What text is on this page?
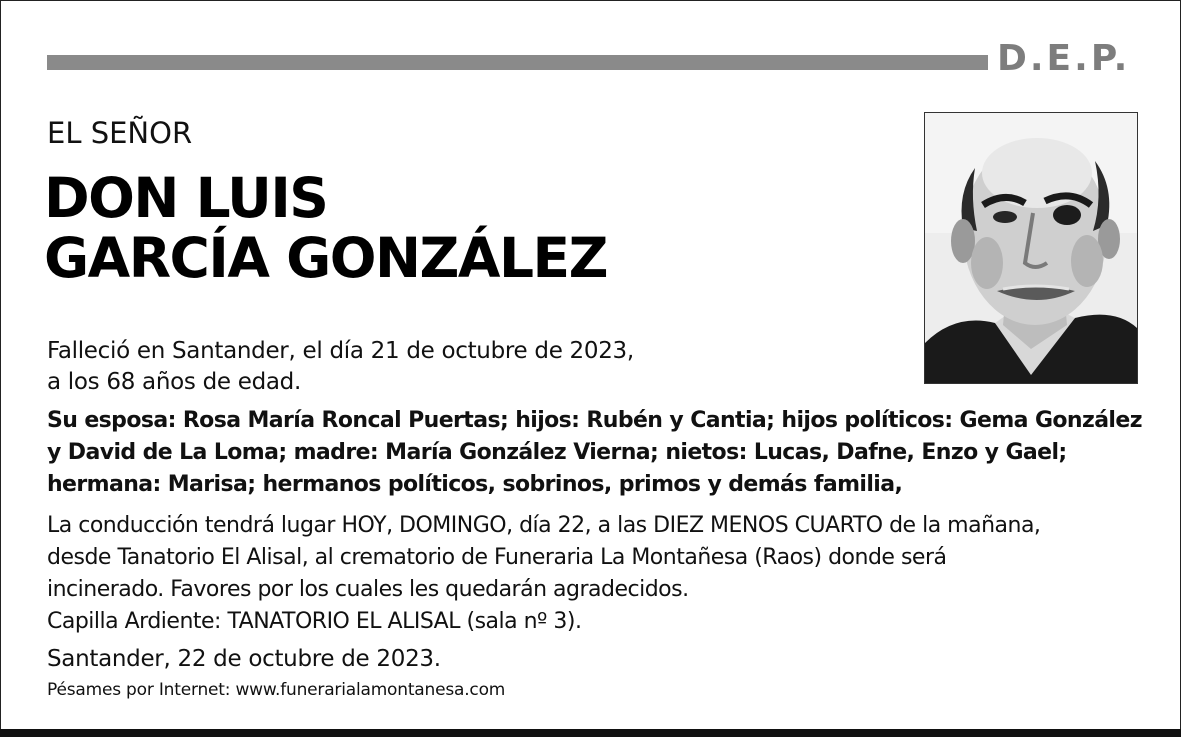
D.E.P.
EL SEÑOR
DON LUIS
GARCÍA GONZÁLEZ
Falleció en Santander, el día 21 de octubre de 2023,
a los 68 años de edad.
Su esposa: Rosa María Roncal Puertas; hijos: Rubén y Cantia; hijos políticos: Gema González
y David de La Loma; madre: María González Vierna; nietos: Lucas, Dafne, Enzo y Gael;
hermana: Marisa; hermanos políticos, sobrinos, primos y demás familia,
La conducción tendrá lugar HOY, DOMINGO, día 22, a las DIEZ MENOS CUARTO de la mañana,
desde Tanatorio El Alisal, al crematorio de Funeraria La Montañesa (Raos) donde será
incinerado. Favores por los cuales les quedarán agradecidos.
Capilla Ardiente: TANATORIO EL ALISAL (sala nº 3).
Santander, 22 de octubre de 2023.
Pésames por Internet: www.funerarialamontanesa.com
